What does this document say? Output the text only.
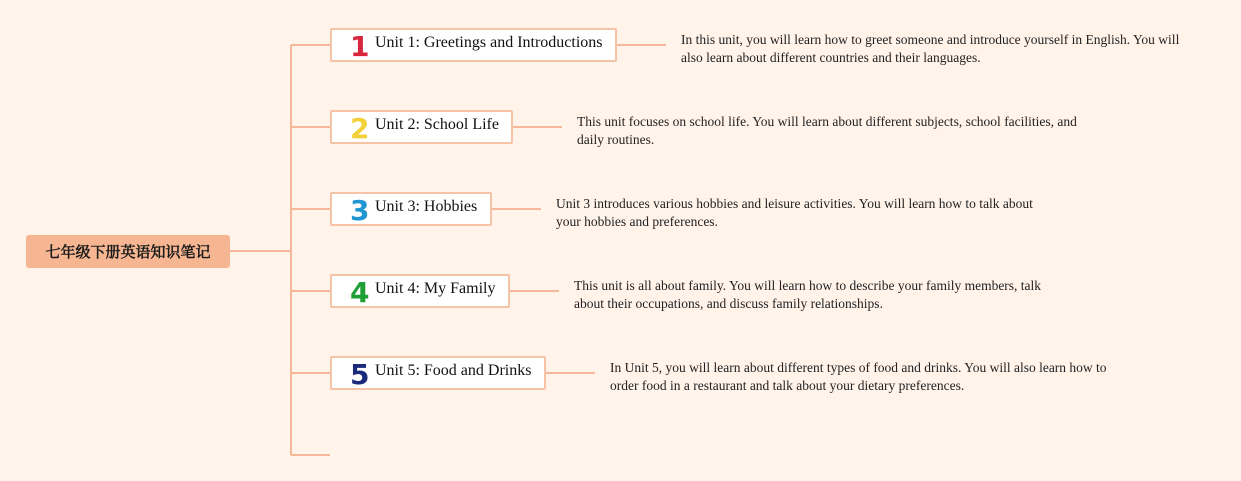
七年级下册英语知识笔记
1 Unit 1: Greetings and Introductions	In this unit, you will learn how to greet someone and introduce yourself in English. You will also learn about different countries and their languages.
2 Unit 2: School Life	This unit focuses on school life. You will learn about different subjects, school facilities, and daily routines.
3 Unit 3: Hobbies	Unit 3 introduces various hobbies and leisure activities. You will learn how to talk about your hobbies and preferences.
4 Unit 4: My Family	This unit is all about family. You will learn how to describe your family members, talk about their occupations, and discuss family relationships.
5 Unit 5: Food and Drinks	In Unit 5, you will learn about different types of food and drinks. You will also learn how to order food in a restaurant and talk about your dietary preferences.
